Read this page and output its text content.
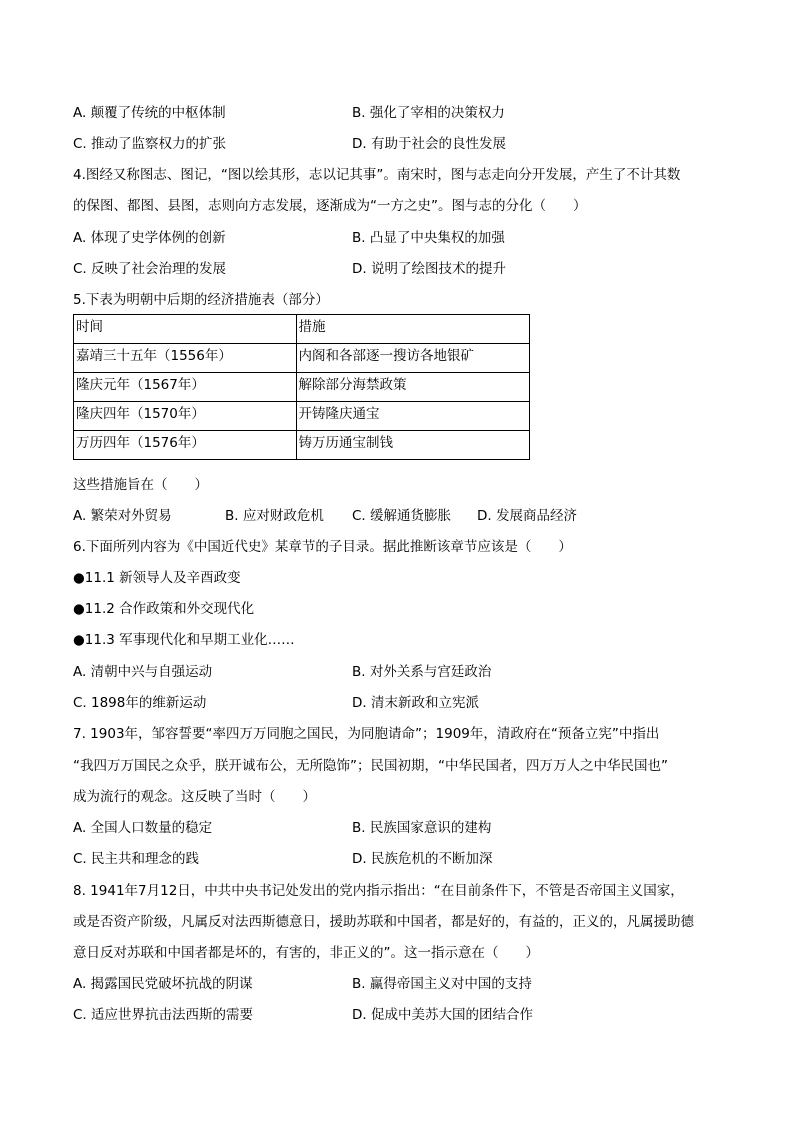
A. 颠覆了传统的中枢体制	B. 强化了宰相的决策权力
C. 推动了监察权力的扩张	D. 有助于社会的良性发展
4.图经又称图志、图记，“图以绘其形，志以记其事”。南宋时，图与志走向分开发展，产生了不计其数
的保图、都图、县图，志则向方志发展，逐渐成为“一方之史”。图与志的分化（　　）
A. 体现了史学体例的创新	B. 凸显了中央集权的加强
C. 反映了社会治理的发展	D. 说明了绘图技术的提升
5.下表为明朝中后期的经济措施表（部分）
时间	措施
嘉靖三十五年（1556年）	内阁和各部逐一搜访各地银矿
隆庆元年（1567年）	解除部分海禁政策
隆庆四年（1570年）	开铸隆庆通宝
万历四年（1576年）	铸万历通宝制钱
这些措施旨在（　　）
A. 繁荣对外贸易	B. 应对财政危机 C. 缓解通货膨胀 D. 发展商品经济
6.下面所列内容为《中国近代史》某章节的子目录。据此推断该章节应该是（　　）
●11.1 新领导人及辛酉政变
●11.2 合作政策和外交现代化
●11.3 军事现代化和早期工业化……
A. 清朝中兴与自强运动	B. 对外关系与宫廷政治
C. 1898年的维新运动	D. 清末新政和立宪派
7. 1903年，邹容誓要“率四万万同胞之国民，为同胞请命”；1909年，清政府在“预备立宪”中指出
“我四万万国民之众乎，朕开诚布公，无所隐饰”；民国初期，“中华民国者，四万万人之中华民国也”
成为流行的观念。这反映了当时（　　）
A. 全国人口数量的稳定	B. 民族国家意识的建构
C. 民主共和理念的践	D. 民族危机的不断加深
8. 1941年7月12日，中共中央书记处发出的党内指示指出：“在目前条件下，不管是否帝国主义国家，
或是否资产阶级，凡属反对法西斯德意日，援助苏联和中国者，都是好的，有益的，正义的，凡属援助德
意日反对苏联和中国者都是坏的，有害的，非正义的”。这一指示意在（　　）
A. 揭露国民党破坏抗战的阴谋	B. 赢得帝国主义对中国的支持
C. 适应世界抗击法西斯的需要	D. 促成中美苏大国的团结合作
